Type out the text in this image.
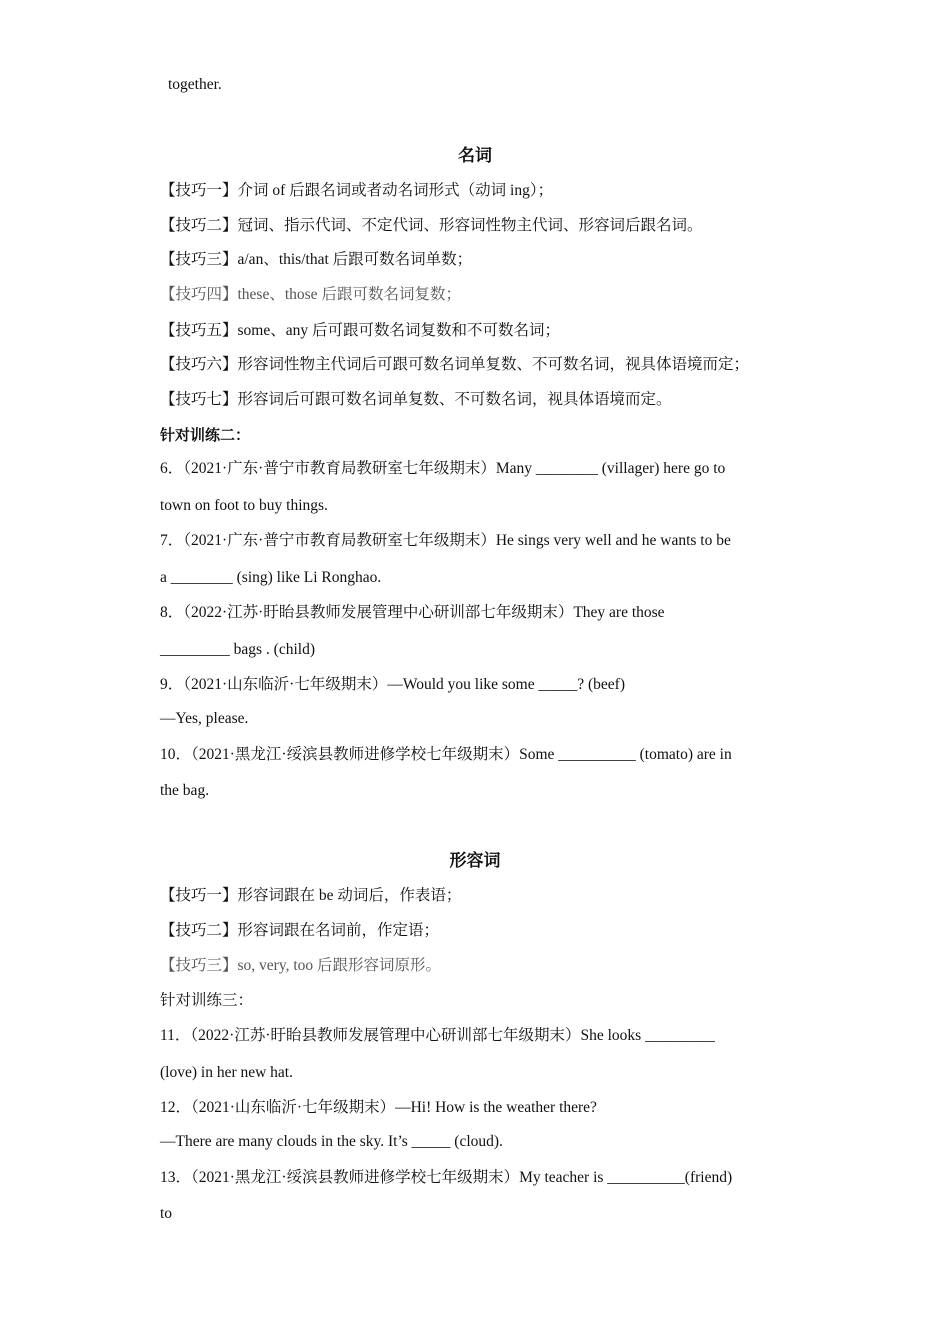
together.
名词
【技巧一】介词 of 后跟名词或者动名词形式（动词 ing）；
【技巧二】冠词、指示代词、不定代词、形容词性物主代词、形容词后跟名词。
【技巧三】a/an、this/that 后跟可数名词单数；
【技巧四】these、those 后跟可数名词复数；
【技巧五】some、any 后可跟可数名词复数和不可数名词；
【技巧六】形容词性物主代词后可跟可数名词单复数、不可数名词，视具体语境而定；
【技巧七】形容词后可跟可数名词单复数、不可数名词，视具体语境而定。
针对训练二：
6．（2021·广东·普宁市教育局教研室七年级期末）Many ________ (villager) here go to
town on foot to buy things.
7．（2021·广东·普宁市教育局教研室七年级期末）He sings very well and he wants to be
a ________ (sing) like Li Ronghao.
8．（2022·江苏·盱眙县教师发展管理中心研训部七年级期末）They are those
_________ bags . (child)
9．（2021·山东临沂·七年级期末）—Would you like some _____? (beef)
—Yes, please.
10．（2021·黑龙江·绥滨县教师进修学校七年级期末）Some __________ (tomato) are in
the bag.
形容词
【技巧一】形容词跟在 be 动词后，作表语；
【技巧二】形容词跟在名词前，作定语；
【技巧三】so, very, too 后跟形容词原形。
针对训练三：
11．（2022·江苏·盱眙县教师发展管理中心研训部七年级期末）She looks _________
(love) in her new hat.
12．（2021·山东临沂·七年级期末）—Hi! How is the weather there?
—There are many clouds in the sky. It’s _____ (cloud).
13．（2021·黑龙江·绥滨县教师进修学校七年级期末）My teacher is __________(friend)
to
